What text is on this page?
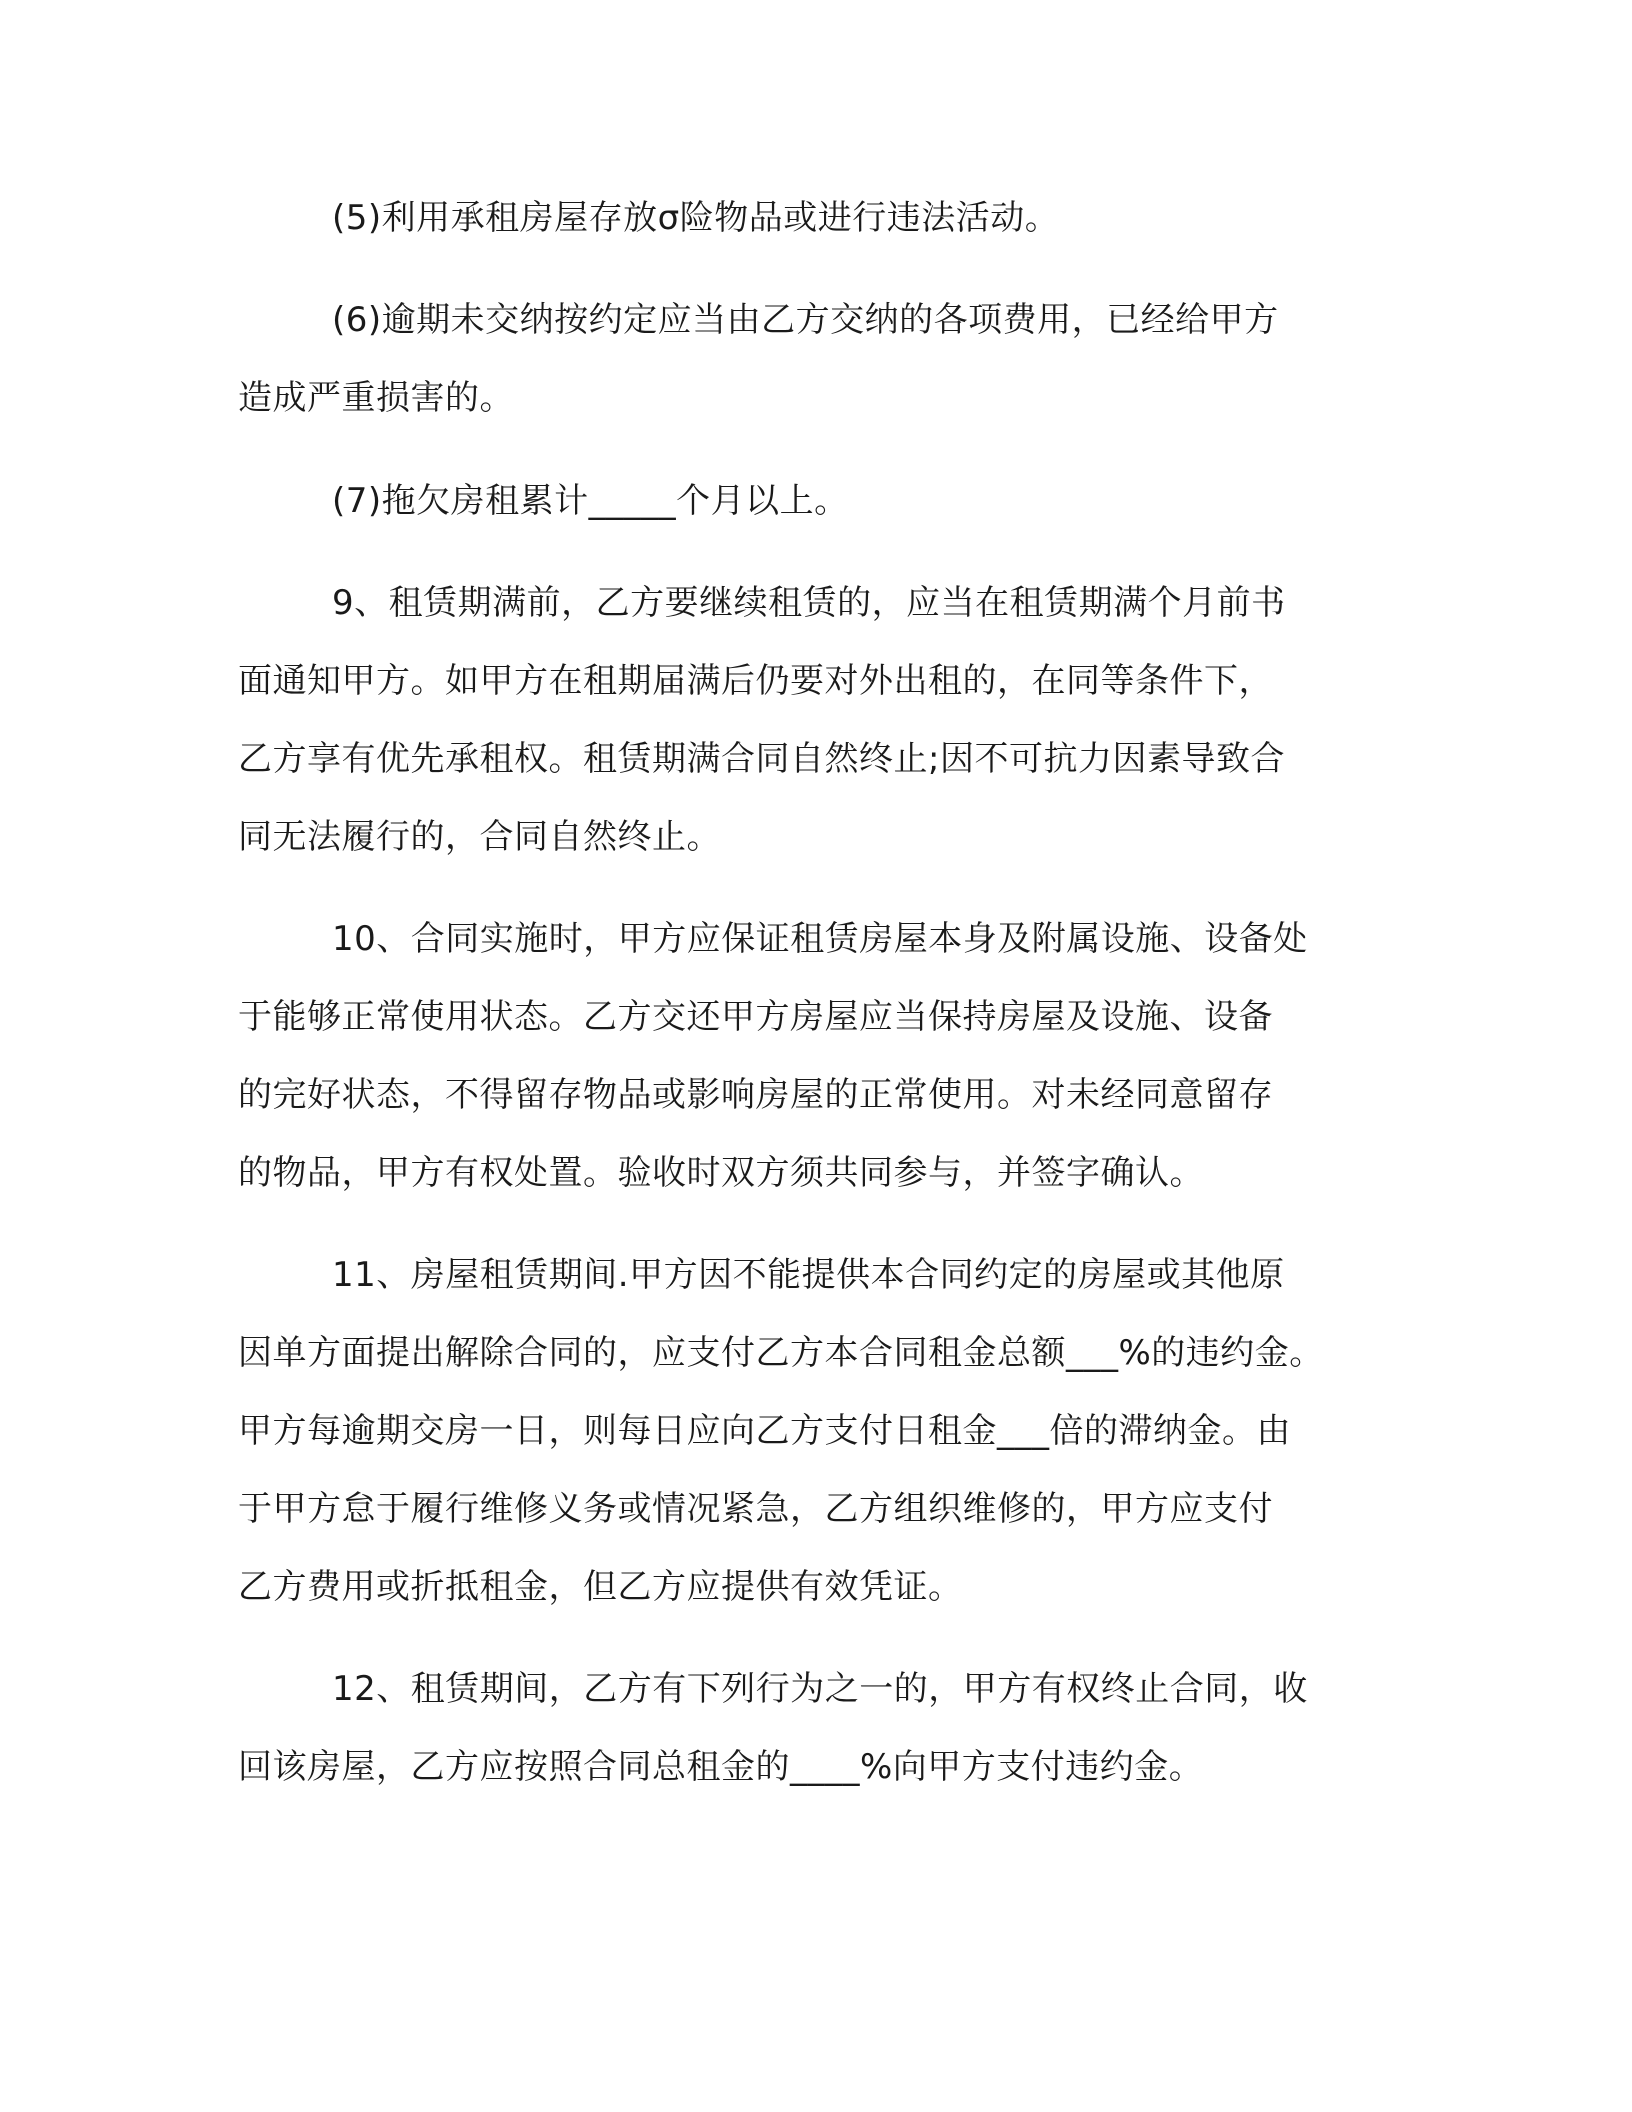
(5)利用承租房屋存放σ险物品或进行违法活动。

(6)逾期未交纳按约定应当由乙方交纳的各项费用，已经给甲方

造成严重损害的。

(7)拖欠房租累计_____个月以上。

9、租赁期满前，乙方要继续租赁的，应当在租赁期满个月前书

面通知甲方。如甲方在租期届满后仍要对外出租的，在同等条件下，

乙方享有优先承租权。租赁期满合同自然终止;因不可抗力因素导致合

同无法履行的，合同自然终止。

10、合同实施时，甲方应保证租赁房屋本身及附属设施、设备处

于能够正常使用状态。乙方交还甲方房屋应当保持房屋及设施、设备

的完好状态，不得留存物品或影响房屋的正常使用。对未经同意留存

的物品，甲方有权处置。验收时双方须共同参与，并签字确认。

11、房屋租赁期间.甲方因不能提供本合同约定的房屋或其他原

因单方面提出解除合同的，应支付乙方本合同租金总额___%的违约金。

甲方每逾期交房一日，则每日应向乙方支付日租金___倍的滞纳金。由

于甲方怠于履行维修义务或情况紧急，乙方组织维修的，甲方应支付

乙方费用或折抵租金，但乙方应提供有效凭证。

12、租赁期间，乙方有下列行为之一的，甲方有权终止合同，收

回该房屋，乙方应按照合同总租金的____%向甲方支付违约金。
